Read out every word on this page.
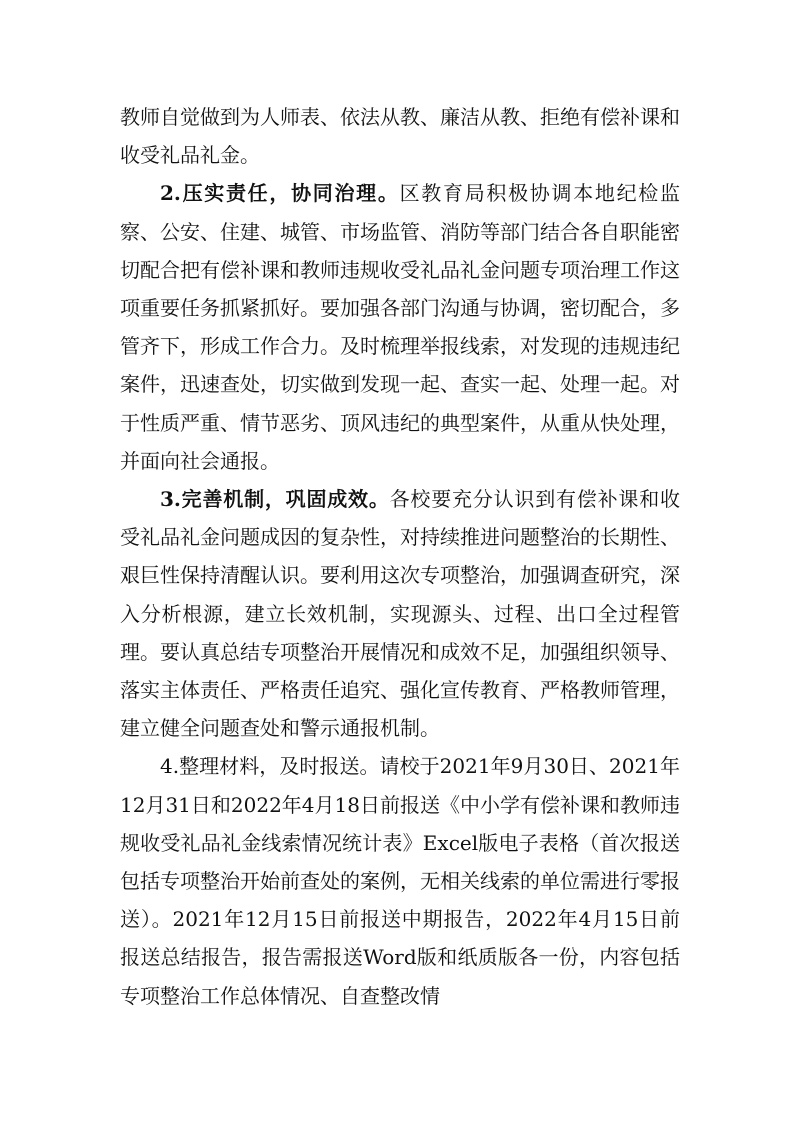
教师自觉做到为人师表、依法从教、廉洁从教、拒绝有偿补课和收受礼品礼金。

2.压实责任，协同治理。区教育局积极协调本地纪检监察、公安、住建、城管、市场监管、消防等部门结合各自职能密切配合把有偿补课和教师违规收受礼品礼金问题专项治理工作这项重要任务抓紧抓好。要加强各部门沟通与协调，密切配合，多管齐下，形成工作合力。及时梳理举报线索，对发现的违规违纪案件，迅速查处，切实做到发现一起、查实一起、处理一起。对于性质严重、情节恶劣、顶风违纪的典型案件，从重从快处理，并面向社会通报。

3.完善机制，巩固成效。各校要充分认识到有偿补课和收受礼品礼金问题成因的复杂性，对持续推进问题整治的长期性、艰巨性保持清醒认识。要利用这次专项整治，加强调查研究，深入分析根源，建立长效机制，实现源头、过程、出口全过程管理。要认真总结专项整治开展情况和成效不足，加强组织领导、落实主体责任、严格责任追究、强化宣传教育、严格教师管理，建立健全问题查处和警示通报机制。

4.整理材料，及时报送。请校于2021年9月30日、2021年12月31日和2022年4月18日前报送《中小学有偿补课和教师违规收受礼品礼金线索情况统计表》Excel版电子表格（首次报送包括专项整治开始前查处的案例，无相关线索的单位需进行零报送）。2021年12月15日前报送中期报告，2022年4月15日前报送总结报告，报告需报送Word版和纸质版各一份，内容包括专项整治工作总体情况、自查整改情
